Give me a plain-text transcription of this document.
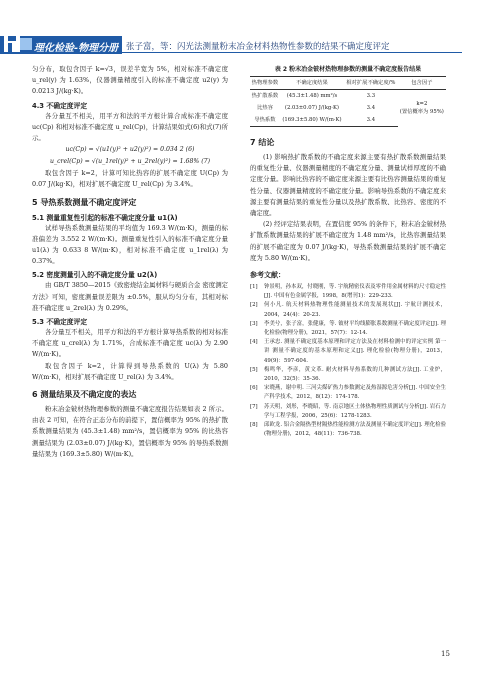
理化检验-物理分册 张子富，等：闪光法测量粉末冶金材料热物性参数的结果不确定度评定

匀分布，取包含因子 k=√3，误差半宽为 5%，相对标准不确定度 u_rel(y) 为 1.63%，仪器测量精度引入的标准不确定度 u2(y) 为 0.0213 J/(kg·K)。

4.3 不确定度评定

各分量互不相关，用平方和法的平方根计算合成标准不确定度 uc(Cp) 和相对标准不确定度 u_rel(Cp)，计算结果如式(6)和式(7)所示。

uc(Cp) = √(u1(y)² + u2(y)²) = 0.034 2 (6)
u_crel(Cp) = √(u_1rel(y)² + u_2rel(y)²) = 1.68% (7)

取包含因子 k=2，计算可知比热容的扩展不确定度 U(Cp) 为 0.07 J/(kg·K)，相对扩展不确定度 U_rel(Cp) 为 3.4%。

5 导热系数测量不确定度评定
5.1 测量重复性引起的标准不确定度分量 u1(λ)

试样导热系数测量结果的平均值为 169.3 W/(m·K)，测量的标准偏差为 3.552 2 W/(m·K)。测量重复性引入的标准不确定度分量 u1(λ) 为 0.633 8 W/(m·K)，相对标准不确定度 u_1rel(λ) 为 0.37%。

5.2 密度测量引入的不确定度分量 u2(λ)

由 GB/T 3850—2015《致密烧结金属材料与硬质合金 密度测定方法》可知，密度测量误差限为 ±0.5%，服从均匀分布，其相对标准不确定度 u_2rel(λ) 为 0.29%。

5.3 不确定度评定

各分量互不相关，用平方和法的平方根计算导热系数的相对标准不确定度 u_crel(λ) 为 1.71%，合成标准不确定度 uc(λ) 为 2.90 W/(m·K)。

取包含因子 k=2，计算得到导热系数的 U(λ) 为 5.80 W/(m·K)，相对扩展不确定度 U_rel(λ) 为 3.4%。

6 测量结果及不确定度的表达

粉末冶金铍材热物理参数的测量不确定度报告结果如表 2 所示。由表 2 可知，在符合正态分布的前提下，置信概率为 95% 的热扩散系数测量结果为 (45.3±1.48) mm²/s，置信概率为 95% 的比热容测量结果为 (2.03±0.07) J/(kg·K)，置信概率为 95% 的导热系数测量结果为 (169.3±5.80) W/(m·K)。

表 2 粉末冶金铍材热物理参数的测量不确定度报告结果
热物理参数	不确定度结果	相对扩展不确定度/%	包含因子
热扩散系数	(45.3±1.48) mm²/s	3.3	k=2
(置信概率为 95%)

比热容	(2.03±0.07) J/(kg·K)	3.4	
导热系数	(169.3±5.80) W/(m·K)	3.4	
7 结论

(1) 影响热扩散系数的不确定度来源主要有热扩散系数测量结果的重复性分量、仪器测量精度的不确定度分量、测量试样厚度的不确定度分量。影响比热容的不确定度来源主要有比热容测量结果的重复性分量、仪器测量精度的不确定度分量。影响导热系数的不确定度来源主要有测量结果的重复性分量以及热扩散系数、比热容、密度的不确定度。

(2) 经评定结果表明，在置信度 95% 的条件下，粉末冶金铍材热扩散系数测量结果的扩展不确定度为 1.48 mm²/s，比热容测量结果的扩展不确定度为 0.07 J/(kg·K)，导热系数测量结果的扩展不确定度为 5.80 W/(m·K)。

参考文献：
[1]	钟景明，孙本双，付晓刚，等. 宇航精密仪表及零件用金属材料的尺寸稳定性[J]. 中国有色金属学报，1998，8(增刊1)：229-233.
[2]	何小凡. 航天材料热物理性能测量技术的发展现状[J]. 宇航计测技术，2004，24(4)：20-23.
[3]	李美兮，张子富，张健康，等. 铍材平均线膨胀系数测量不确定度评定[J]. 理化检验(物理分册)，2021，57(7)：12-14.
[4]	王承忠. 测量不确定度基本原理和评定方法及在材料检测中的评定实例 第一讲 测量不确定度的基本原理和定义[J]. 理化检验(物理分册)，2013，49(9)：597-604.
[5]	梅鸣华，李彦，黄文革. 耐火材料导热系数的几种测试方法[J]. 工业炉，2010，32(5)：35-36.
[6]	宋晓燕，谢中明. 三河尖煤矿热力参数测定及热湿源危害分析[J]. 中国安全生产科学技术，2012，8(12)：174-178.
[7]	苏天明，刘彤，李晓昭，等. 南京地区土体热物理性质测试与分析[J]. 岩石力学与工程学报，2006，25(6)：1278-1283.
[8]	邱欧龙. 铝合金隔热型材隔热性能检测方法及测量不确定度评定[J]. 理化检验(物理分册)，2012，48(11)：736-738.
15
